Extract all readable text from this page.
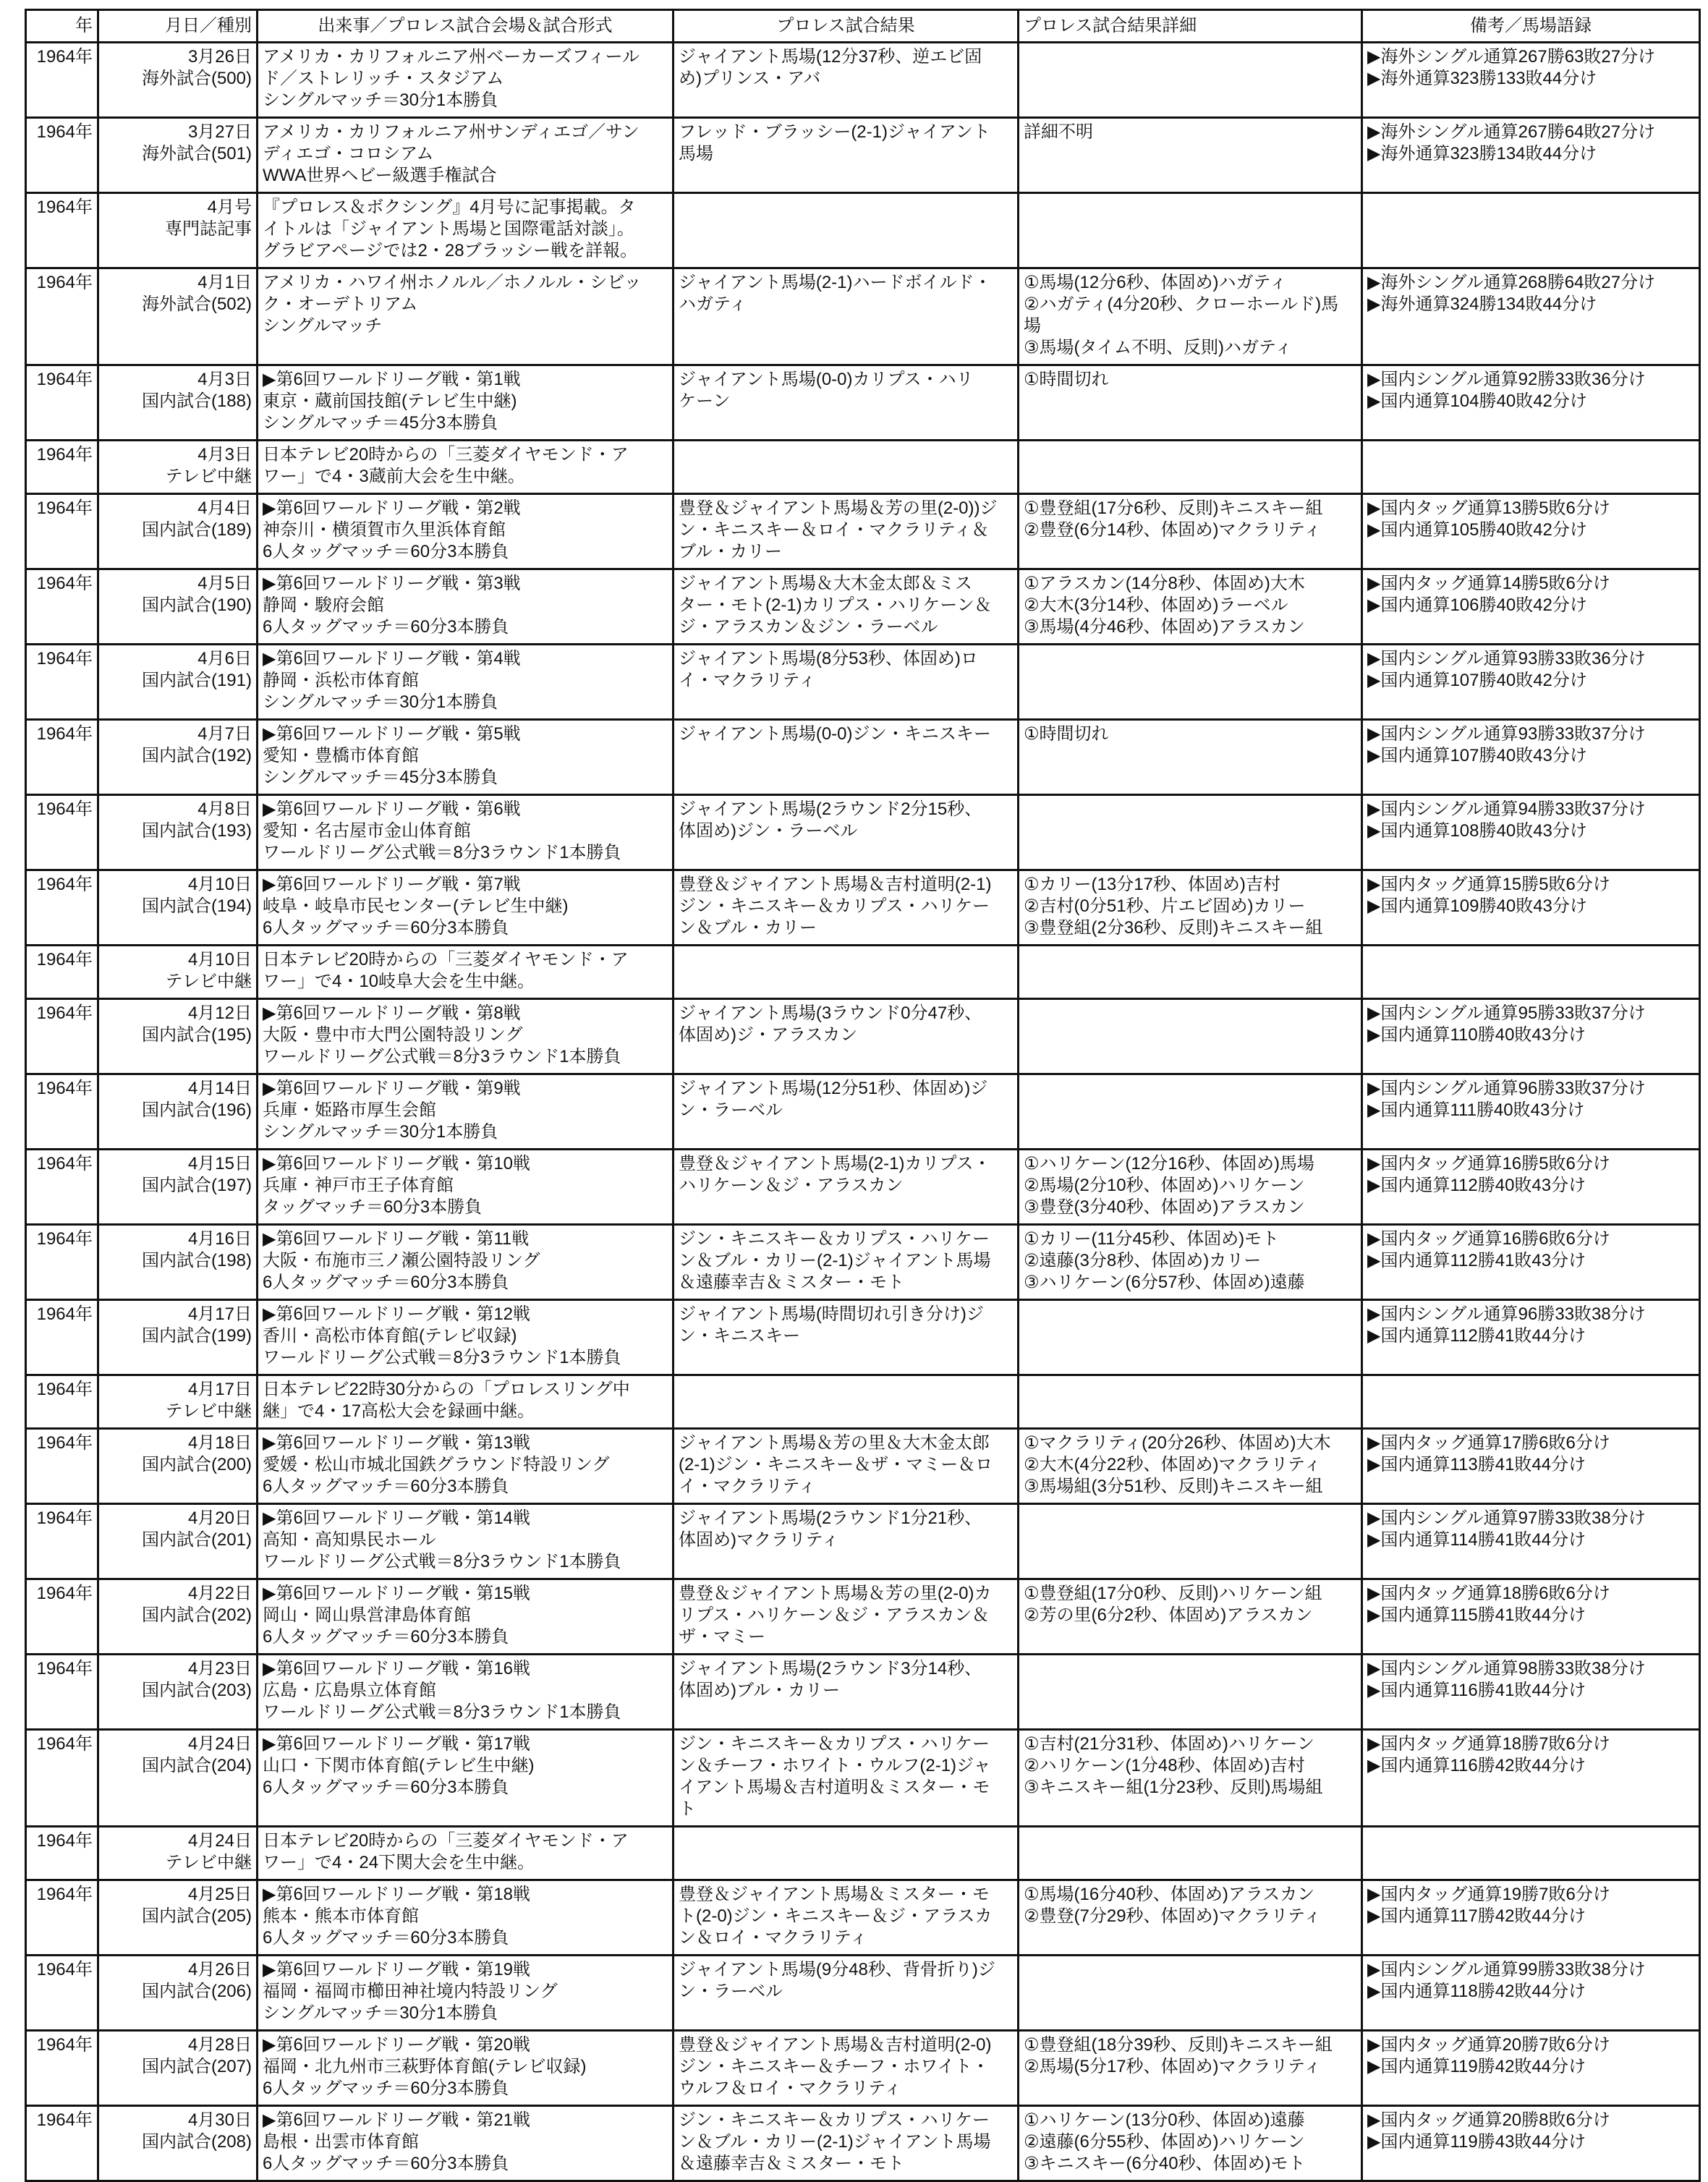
年	月日／種別	出来事／プロレス試合会場＆試合形式	プロレス試合結果	プロレス試合結果詳細	備考／馬場語録
1964年	3月26日
海外試合(500)	アメリカ・カリフォルニア州ベーカーズフィール
ド／ストレリッチ・スタジアム
シングルマッチ＝30分1本勝負	ジャイアント馬場(12分37秒、逆エビ固
め)プリンス・アバ		▶海外シングル通算267勝63敗27分け
▶海外通算323勝133敗44分け
1964年	3月27日
海外試合(501)	アメリカ・カリフォルニア州サンディエゴ／サン
ディエゴ・コロシアム
WWA世界ヘビー級選手権試合	フレッド・ブラッシー(2-1)ジャイアント
馬場	詳細不明	▶海外シングル通算267勝64敗27分け
▶海外通算323勝134敗44分け
1964年	4月号
専門誌記事	『プロレス＆ボクシング』4月号に記事掲載。タ
イトルは「ジャイアント馬場と国際電話対談」。
グラビアページでは2・28ブラッシー戦を詳報。			
1964年	4月1日
海外試合(502)	アメリカ・ハワイ州ホノルル／ホノルル・シビッ
ク・オーデトリアム
シングルマッチ	ジャイアント馬場(2-1)ハードボイルド・
ハガティ	①馬場(12分6秒、体固め)ハガティ
②ハガティ(4分20秒、クローホールド)馬
場
③馬場(タイム不明、反則)ハガティ	▶海外シングル通算268勝64敗27分け
▶海外通算324勝134敗44分け
1964年	4月3日
国内試合(188)	▶第6回ワールドリーグ戦・第1戦
東京・蔵前国技館(テレビ生中継)
シングルマッチ＝45分3本勝負	ジャイアント馬場(0-0)カリプス・ハリ
ケーン	①時間切れ	▶国内シングル通算92勝33敗36分け
▶国内通算104勝40敗42分け
1964年	4月3日
テレビ中継	日本テレビ20時からの「三菱ダイヤモンド・ア
ワー」で4・3蔵前大会を生中継。			
1964年	4月4日
国内試合(189)	▶第6回ワールドリーグ戦・第2戦
神奈川・横須賀市久里浜体育館
6人タッグマッチ＝60分3本勝負	豊登＆ジャイアント馬場＆芳の里(2-0))ジ
ン・キニスキー＆ロイ・マクラリティ＆
ブル・カリー	①豊登組(17分6秒、反則)キニスキー組
②豊登(6分14秒、体固め)マクラリティ	▶国内タッグ通算13勝5敗6分け
▶国内通算105勝40敗42分け
1964年	4月5日
国内試合(190)	▶第6回ワールドリーグ戦・第3戦
静岡・駿府会館
6人タッグマッチ＝60分3本勝負	ジャイアント馬場＆大木金太郎＆ミス
ター・モト(2-1)カリプス・ハリケーン＆
ジ・アラスカン＆ジン・ラーベル	①アラスカン(14分8秒、体固め)大木
②大木(3分14秒、体固め)ラーベル
③馬場(4分46秒、体固め)アラスカン	▶国内タッグ通算14勝5敗6分け
▶国内通算106勝40敗42分け
1964年	4月6日
国内試合(191)	▶第6回ワールドリーグ戦・第4戦
静岡・浜松市体育館
シングルマッチ＝30分1本勝負	ジャイアント馬場(8分53秒、体固め)ロ
イ・マクラリティ		▶国内シングル通算93勝33敗36分け
▶国内通算107勝40敗42分け
1964年	4月7日
国内試合(192)	▶第6回ワールドリーグ戦・第5戦
愛知・豊橋市体育館
シングルマッチ＝45分3本勝負	ジャイアント馬場(0-0)ジン・キニスキー	①時間切れ	▶国内シングル通算93勝33敗37分け
▶国内通算107勝40敗43分け
1964年	4月8日
国内試合(193)	▶第6回ワールドリーグ戦・第6戦
愛知・名古屋市金山体育館
ワールドリーグ公式戦＝8分3ラウンド1本勝負	ジャイアント馬場(2ラウンド2分15秒、
体固め)ジン・ラーベル		▶国内シングル通算94勝33敗37分け
▶国内通算108勝40敗43分け
1964年	4月10日
国内試合(194)	▶第6回ワールドリーグ戦・第7戦
岐阜・岐阜市民センター(テレビ生中継)
6人タッグマッチ＝60分3本勝負	豊登＆ジャイアント馬場＆吉村道明(2-1)
ジン・キニスキー＆カリプス・ハリケー
ン＆ブル・カリー	①カリー(13分17秒、体固め)吉村
②吉村(0分51秒、片エビ固め)カリー
③豊登組(2分36秒、反則)キニスキー組	▶国内タッグ通算15勝5敗6分け
▶国内通算109勝40敗43分け
1964年	4月10日
テレビ中継	日本テレビ20時からの「三菱ダイヤモンド・ア
ワー」で4・10岐阜大会を生中継。			
1964年	4月12日
国内試合(195)	▶第6回ワールドリーグ戦・第8戦
大阪・豊中市大門公園特設リング
ワールドリーグ公式戦＝8分3ラウンド1本勝負	ジャイアント馬場(3ラウンド0分47秒、
体固め)ジ・アラスカン		▶国内シングル通算95勝33敗37分け
▶国内通算110勝40敗43分け
1964年	4月14日
国内試合(196)	▶第6回ワールドリーグ戦・第9戦
兵庫・姫路市厚生会館
シングルマッチ＝30分1本勝負	ジャイアント馬場(12分51秒、体固め)ジ
ン・ラーベル		▶国内シングル通算96勝33敗37分け
▶国内通算111勝40敗43分け
1964年	4月15日
国内試合(197)	▶第6回ワールドリーグ戦・第10戦
兵庫・神戸市王子体育館
タッグマッチ＝60分3本勝負	豊登＆ジャイアント馬場(2-1)カリプス・
ハリケーン＆ジ・アラスカン	①ハリケーン(12分16秒、体固め)馬場
②馬場(2分10秒、体固め)ハリケーン
③豊登(3分40秒、体固め)アラスカン	▶国内タッグ通算16勝5敗6分け
▶国内通算112勝40敗43分け
1964年	4月16日
国内試合(198)	▶第6回ワールドリーグ戦・第11戦
大阪・布施市三ノ瀬公園特設リング
6人タッグマッチ＝60分3本勝負	ジン・キニスキー＆カリプス・ハリケー
ン＆ブル・カリー(2-1)ジャイアント馬場
＆遠藤幸吉＆ミスター・モト	①カリー(11分45秒、体固め)モト
②遠藤(3分8秒、体固め)カリー
③ハリケーン(6分57秒、体固め)遠藤	▶国内タッグ通算16勝6敗6分け
▶国内通算112勝41敗43分け
1964年	4月17日
国内試合(199)	▶第6回ワールドリーグ戦・第12戦
香川・高松市体育館(テレビ収録)
ワールドリーグ公式戦＝8分3ラウンド1本勝負	ジャイアント馬場(時間切れ引き分け)ジ
ン・キニスキー		▶国内シングル通算96勝33敗38分け
▶国内通算112勝41敗44分け
1964年	4月17日
テレビ中継	日本テレビ22時30分からの「プロレスリング中
継」で4・17高松大会を録画中継。			
1964年	4月18日
国内試合(200)	▶第6回ワールドリーグ戦・第13戦
愛媛・松山市城北国鉄グラウンド特設リング
6人タッグマッチ＝60分3本勝負	ジャイアント馬場＆芳の里＆大木金太郎
(2-1)ジン・キニスキー＆ザ・マミー＆ロ
イ・マクラリティ	①マクラリティ(20分26秒、体固め)大木
②大木(4分22秒、体固め)マクラリティ
③馬場組(3分51秒、反則)キニスキー組	▶国内タッグ通算17勝6敗6分け
▶国内通算113勝41敗44分け
1964年	4月20日
国内試合(201)	▶第6回ワールドリーグ戦・第14戦
高知・高知県民ホール
ワールドリーグ公式戦＝8分3ラウンド1本勝負	ジャイアント馬場(2ラウンド1分21秒、
体固め)マクラリティ		▶国内シングル通算97勝33敗38分け
▶国内通算114勝41敗44分け
1964年	4月22日
国内試合(202)	▶第6回ワールドリーグ戦・第15戦
岡山・岡山県営津島体育館
6人タッグマッチ＝60分3本勝負	豊登＆ジャイアント馬場＆芳の里(2-0)カ
リプス・ハリケーン＆ジ・アラスカン＆
ザ・マミー	①豊登組(17分0秒、反則)ハリケーン組
②芳の里(6分2秒、体固め)アラスカン	▶国内タッグ通算18勝6敗6分け
▶国内通算115勝41敗44分け
1964年	4月23日
国内試合(203)	▶第6回ワールドリーグ戦・第16戦
広島・広島県立体育館
ワールドリーグ公式戦＝8分3ラウンド1本勝負	ジャイアント馬場(2ラウンド3分14秒、
体固め)ブル・カリー		▶国内シングル通算98勝33敗38分け
▶国内通算116勝41敗44分け
1964年	4月24日
国内試合(204)	▶第6回ワールドリーグ戦・第17戦
山口・下関市体育館(テレビ生中継)
6人タッグマッチ＝60分3本勝負	ジン・キニスキー＆カリプス・ハリケー
ン＆チーフ・ホワイト・ウルフ(2-1)ジャ
イアント馬場＆吉村道明＆ミスター・モ
ト	①吉村(21分31秒、体固め)ハリケーン
②ハリケーン(1分48秒、体固め)吉村
③キニスキー組(1分23秒、反則)馬場組	▶国内タッグ通算18勝7敗6分け
▶国内通算116勝42敗44分け
1964年	4月24日
テレビ中継	日本テレビ20時からの「三菱ダイヤモンド・ア
ワー」で4・24下関大会を生中継。			
1964年	4月25日
国内試合(205)	▶第6回ワールドリーグ戦・第18戦
熊本・熊本市体育館
6人タッグマッチ＝60分3本勝負	豊登＆ジャイアント馬場＆ミスター・モ
ト(2-0)ジン・キニスキー＆ジ・アラスカ
ン＆ロイ・マクラリティ	①馬場(16分40秒、体固め)アラスカン
②豊登(7分29秒、体固め)マクラリティ	▶国内タッグ通算19勝7敗6分け
▶国内通算117勝42敗44分け
1964年	4月26日
国内試合(206)	▶第6回ワールドリーグ戦・第19戦
福岡・福岡市櫛田神社境内特設リング
シングルマッチ＝30分1本勝負	ジャイアント馬場(9分48秒、背骨折り)ジ
ン・ラーベル		▶国内シングル通算99勝33敗38分け
▶国内通算118勝42敗44分け
1964年	4月28日
国内試合(207)	▶第6回ワールドリーグ戦・第20戦
福岡・北九州市三萩野体育館(テレビ収録)
6人タッグマッチ＝60分3本勝負	豊登＆ジャイアント馬場＆吉村道明(2-0)
ジン・キニスキー＆チーフ・ホワイト・
ウルフ＆ロイ・マクラリティ	①豊登組(18分39秒、反則)キニスキー組
②馬場(5分17秒、体固め)マクラリティ	▶国内タッグ通算20勝7敗6分け
▶国内通算119勝42敗44分け
1964年	4月30日
国内試合(208)	▶第6回ワールドリーグ戦・第21戦
島根・出雲市体育館
6人タッグマッチ＝60分3本勝負	ジン・キニスキー＆カリプス・ハリケー
ン＆ブル・カリー(2-1)ジャイアント馬場
＆遠藤幸吉＆ミスター・モト	①ハリケーン(13分0秒、体固め)遠藤
②遠藤(6分55秒、体固め)ハリケーン
③キニスキー(6分40秒、体固め)モト	▶国内タッグ通算20勝8敗6分け
▶国内通算119勝43敗44分け
